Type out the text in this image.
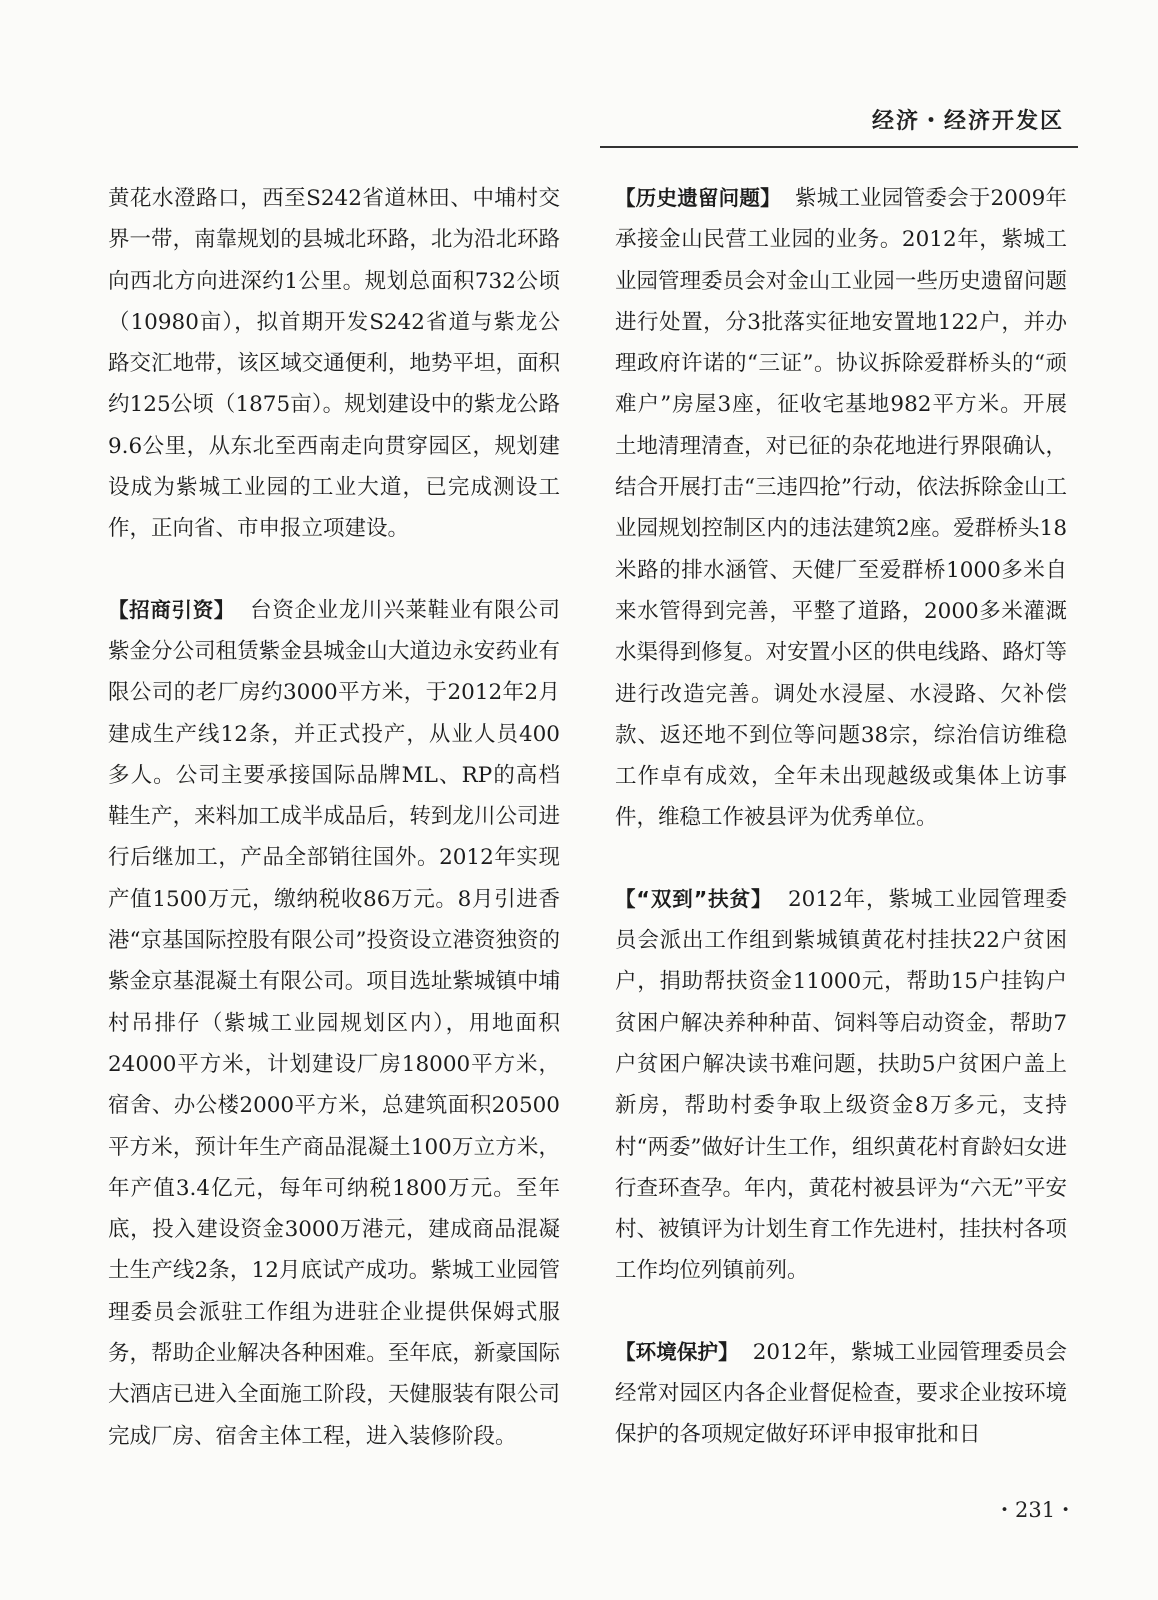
经济・经济开发区

黄花水澄路口，西至S242省道林田、中埔村交界一带，南靠规划的县城北环路，北为沿北环路向西北方向进深约1公里。规划总面积732公顷（10980亩），拟首期开发S242省道与紫龙公路交汇地带，该区域交通便利，地势平坦，面积约125公顷（1875亩）。规划建设中的紫龙公路9.6公里，从东北至西南走向贯穿园区，规划建设成为紫城工业园的工业大道，已完成测设工作，正向省、市申报立项建设。

【招商引资】 台资企业龙川兴莱鞋业有限公司紫金分公司租赁紫金县城金山大道边永安药业有限公司的老厂房约3000平方米，于2012年2月建成生产线12条，并正式投产，从业人员400多人。公司主要承接国际品牌ML、RP的高档鞋生产，来料加工成半成品后，转到龙川公司进行后继加工，产品全部销往国外。2012年实现产值1500万元，缴纳税收86万元。8月引进香港“京基国际控股有限公司”投资设立港资独资的紫金京基混凝土有限公司。项目选址紫城镇中埔村吊排仔（紫城工业园规划区内），用地面积24000平方米，计划建设厂房18000平方米，宿舍、办公楼2000平方米，总建筑面积20500平方米，预计年生产商品混凝土100万立方米，年产值3.4亿元，每年可纳税1800万元。至年底，投入建设资金3000万港元，建成商品混凝土生产线2条，12月底试产成功。紫城工业园管理委员会派驻工作组为进驻企业提供保姆式服务，帮助企业解决各种困难。至年底，新豪国际大酒店已进入全面施工阶段，天健服装有限公司完成厂房、宿舍主体工程，进入装修阶段。

【历史遗留问题】 紫城工业园管委会于2009年承接金山民营工业园的业务。2012年，紫城工业园管理委员会对金山工业园一些历史遗留问题进行处置，分3批落实征地安置地122户，并办理政府许诺的“三证”。协议拆除爱群桥头的“顽难户”房屋3座，征收宅基地982平方米。开展土地清理清查，对已征的杂花地进行界限确认，结合开展打击“三违四抢”行动，依法拆除金山工业园规划控制区内的违法建筑2座。爱群桥头18米路的排水涵管、天健厂至爱群桥1000多米自来水管得到完善，平整了道路，2000多米灌溉水渠得到修复。对安置小区的供电线路、路灯等进行改造完善。调处水浸屋、水浸路、欠补偿款、返还地不到位等问题38宗，综治信访维稳工作卓有成效，全年未出现越级或集体上访事件，维稳工作被县评为优秀单位。

【“双到”扶贫】 2012年，紫城工业园管理委员会派出工作组到紫城镇黄花村挂扶22户贫困户，捐助帮扶资金11000元，帮助15户挂钩户贫困户解决养种种苗、饲料等启动资金，帮助7户贫困户解决读书难问题，扶助5户贫困户盖上新房，帮助村委争取上级资金8万多元，支持村“两委”做好计生工作，组织黄花村育龄妇女进行查环查孕。年内，黄花村被县评为“六无”平安村、被镇评为计划生育工作先进村，挂扶村各项工作均位列镇前列。

【环境保护】 2012年，紫城工业园管理委员会经常对园区内各企业督促检查，要求企业按环境保护的各项规定做好环评申报审批和日

・231・
